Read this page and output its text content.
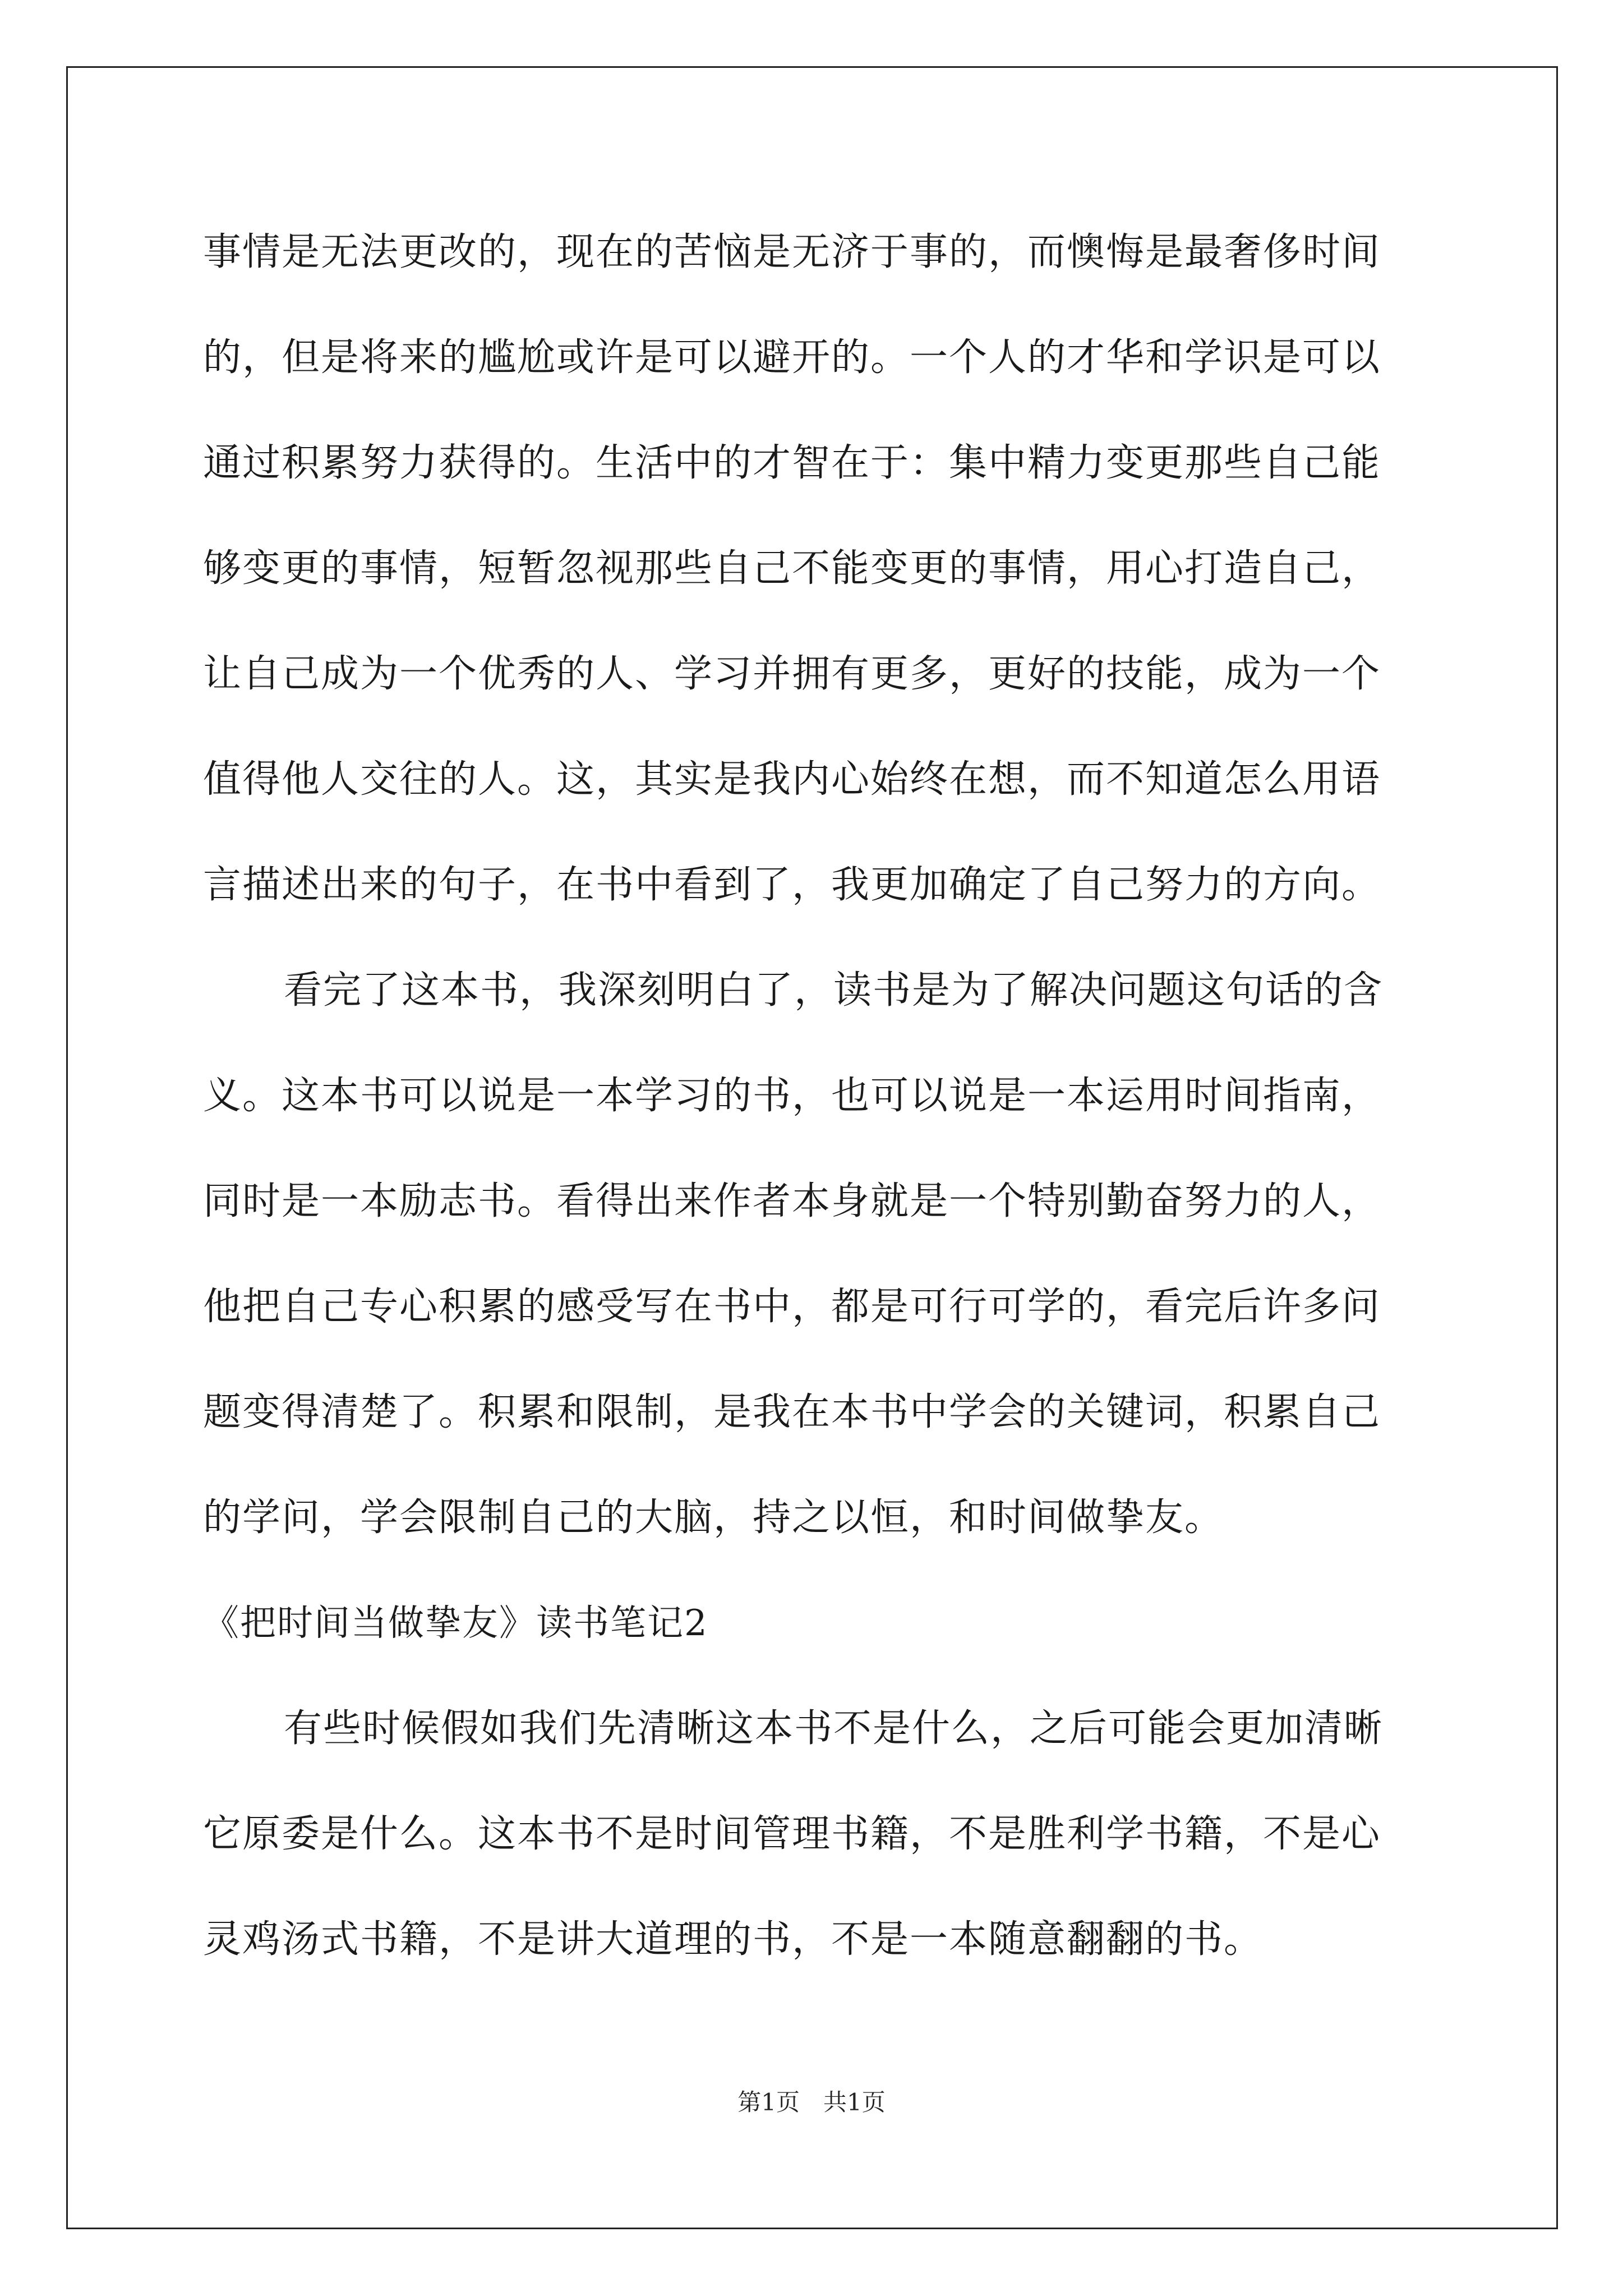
事情是无法更改的，现在的苦恼是无济于事的，而懊悔是最奢侈时间
的，但是将来的尴尬或许是可以避开的。一个人的才华和学识是可以
通过积累努力获得的。生活中的才智在于：集中精力变更那些自己能
够变更的事情，短暂忽视那些自己不能变更的事情，用心打造自己，
让自己成为一个优秀的人、学习并拥有更多，更好的技能，成为一个
值得他人交往的人。这，其实是我内心始终在想，而不知道怎么用语
言描述出来的句子，在书中看到了，我更加确定了自己努力的方向。
看完了这本书，我深刻明白了，读书是为了解决问题这句话的含
义。这本书可以说是一本学习的书，也可以说是一本运用时间指南，
同时是一本励志书。看得出来作者本身就是一个特别勤奋努力的人，
他把自己专心积累的感受写在书中，都是可行可学的，看完后许多问
题变得清楚了。积累和限制，是我在本书中学会的关键词，积累自己
的学问，学会限制自己的大脑，持之以恒，和时间做挚友。
《把时间当做挚友》读书笔记2
有些时候假如我们先清晰这本书不是什么，之后可能会更加清晰
它原委是什么。这本书不是时间管理书籍，不是胜利学书籍，不是心
灵鸡汤式书籍，不是讲大道理的书，不是一本随意翻翻的书。
第1页　共1页
